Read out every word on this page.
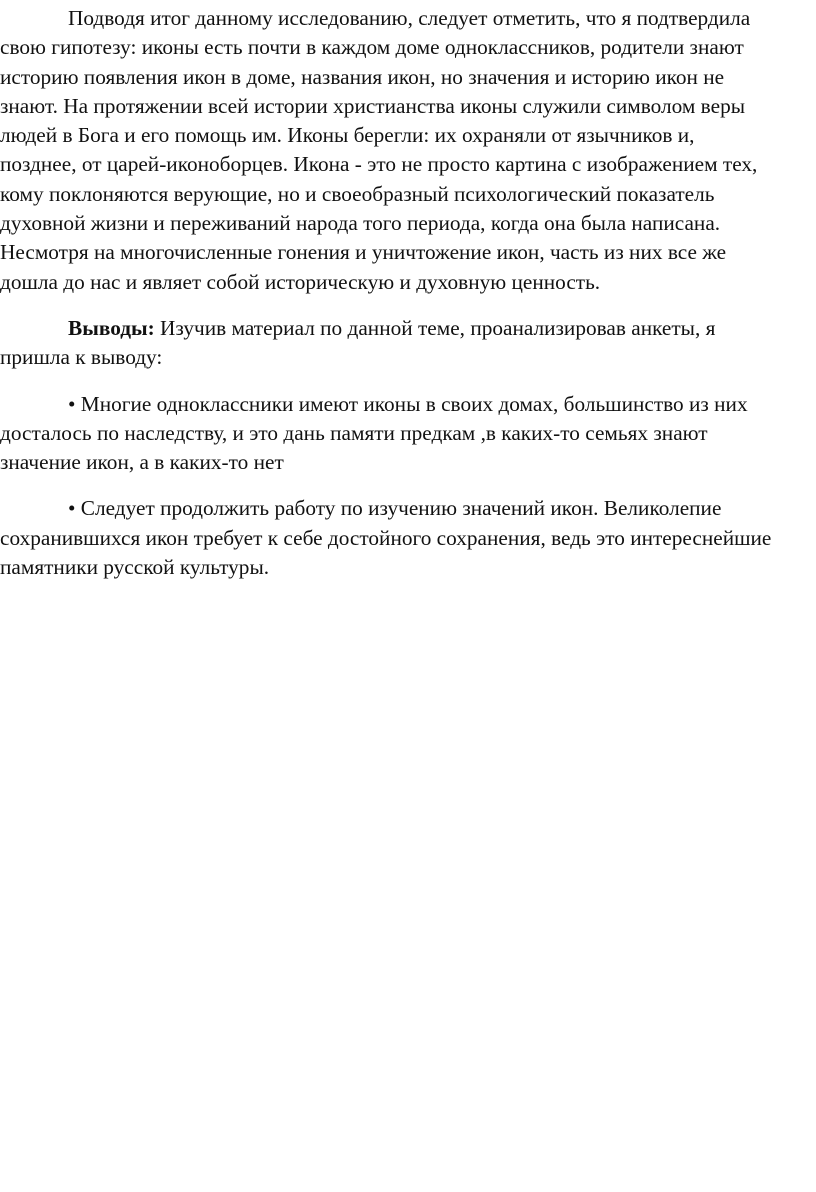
Подводя итог данному исследованию, следует отметить, что я подтвердила
свою гипотезу: иконы есть почти в каждом доме одноклассников, родители знают
историю появления икон в доме, названия икон, но значения и историю икон не
знают. На протяжении всей истории христианства иконы служили символом веры
людей в Бога и его помощь им. Иконы берегли: их охраняли от язычников и,
позднее, от царей-иконоборцев. Икона - это не просто картина с изображением тех,
кому поклоняются верующие, но и своеобразный психологический показатель
духовной жизни и переживаний народа того периода, когда она была написана.
Несмотря на многочисленные гонения и уничтожение икон, часть из них все же
дошла до нас и являет собой историческую и духовную ценность.

Выводы: Изучив материал по данной теме, проанализировав анкеты, я
пришла к выводу:

• Многие одноклассники имеют иконы в своих домах, большинство из них
досталось по наследству, и это дань памяти предкам ,в каких-то семьях знают
значение икон, а в каких-то нет

• Следует продолжить работу по изучению значений икон. Великолепие
сохранившихся икон требует к себе достойного сохранения, ведь это интереснейшие
памятники русской культуры.
